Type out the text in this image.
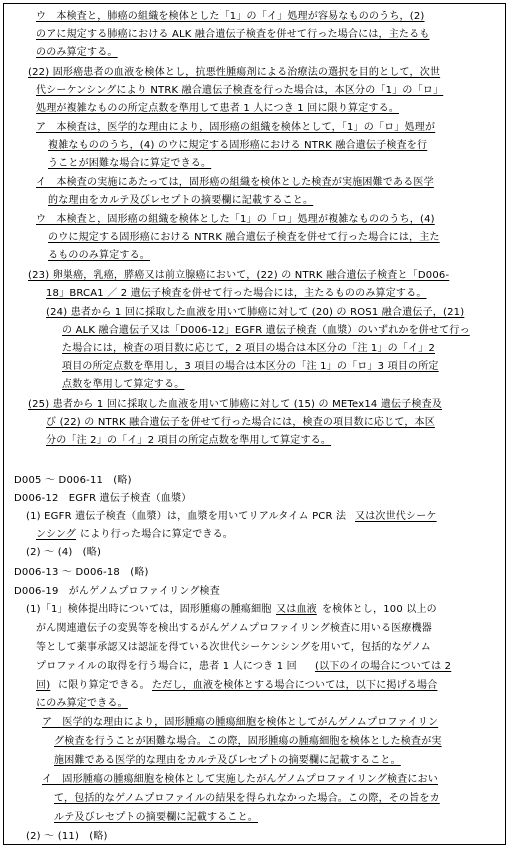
ウ　本検査と，肺癌の組織を検体とした「1」の「イ」処理が容易なもののうち，(2)
のアに規定する肺癌における ALK 融合遺伝子検査を併せて行った場合には，主たるも
ののみ算定する。
(22) 固形癌患者の血液を検体とし，抗悪性腫瘍剤による治療法の選択を目的として，次世
代シーケンシングにより NTRK 融合遺伝子検査を行った場合は，本区分の「1」の「ロ」
処理が複雑なものの所定点数を準用して患者 1 人につき 1 回に限り算定する。
ア　本検査は，医学的な理由により，固形癌の組織を検体として，「1」の「ロ」処理が
複雑なもののうち，(4) のウに規定する固形癌における NTRK 融合遺伝子検査を行
うことが困難な場合に算定できる。
イ　本検査の実施にあたっては，固形癌の組織を検体とした検査が実施困難である医学
的な理由をカルテ及びレセプトの摘要欄に記載すること。
ウ　本検査と，固形癌の組織を検体とした「1」の「ロ」処理が複雑なもののうち，(4)
のウに規定する固形癌における NTRK 融合遺伝子検査を併せて行った場合には，主た
るもののみ算定する。
(23) 卵巣癌，乳癌，膵癌又は前立腺癌において，(22) の NTRK 融合遺伝子検査と「D006-
18」BRCA1 ／ 2 遺伝子検査を併せて行った場合には，主たるもののみ算定する。
(24) 患者から 1 回に採取した血液を用いて肺癌に対して (20) の ROS1 融合遺伝子，(21)
の ALK 融合遺伝子又は「D006-12」EGFR 遺伝子検査（血漿）のいずれかを併せて行っ
た場合には，検査の項目数に応じて，2 項目の場合は本区分の「注 1」の「イ」2
項目の所定点数を準用し，3 項目の場合は本区分の「注 1」の「ロ」3 項目の所定
点数を準用して算定する。
(25) 患者から 1 回に採取した血液を用いて肺癌に対して (15) の METex14 遺伝子検査及
び (22) の NTRK 融合遺伝子を併せて行った場合には，検査の項目数に応じて，本区
分の「注 2」の「イ」2 項目の所定点数を準用して算定する。
D005 ～ D006-11　(略)
D006-12　EGFR 遺伝子検査（血漿）
(1) EGFR 遺伝子検査（血漿）は，血漿を用いてリアルタイム PCR 法 又は次世代シーケ
ンシング により行った場合に算定できる。
(2) ～ (4)　(略)
D006-13 ～ D006-18　(略)
D006-19　がんゲノムプロファイリング検査
(1)「1」検体提出時については，固形腫瘍の腫瘍細胞 又は血液 を検体とし，100 以上の
がん関連遺伝子の変異等を検出するがんゲノムプロファイリング検査に用いる医療機器
等として薬事承認又は認証を得ている次世代シーケンシングを用いて，包括的なゲノム
プロファイルの取得を行う場合に，患者 1 人につき 1 回 (以下のイの場合については 2
回) に限り算定できる。 ただし，血液を検体とする場合については，以下に掲げる場合
にのみ算定できる。
ア　医学的な理由により，固形腫瘍の腫瘍細胞を検体としてがんゲノムプロファイリン
グ検査を行うことが困難な場合。この際，固形腫瘍の腫瘍細胞を検体とした検査が実
施困難である医学的な理由をカルテ及びレセプトの摘要欄に記載すること。
イ　固形腫瘍の腫瘍細胞を検体として実施したがんゲノムプロファイリング検査におい
て，包括的なゲノムプロファイルの結果を得られなかった場合。この際，その旨をカ
ルテ及びレセプトの摘要欄に記載すること。
(2) ～ (11)　(略)
